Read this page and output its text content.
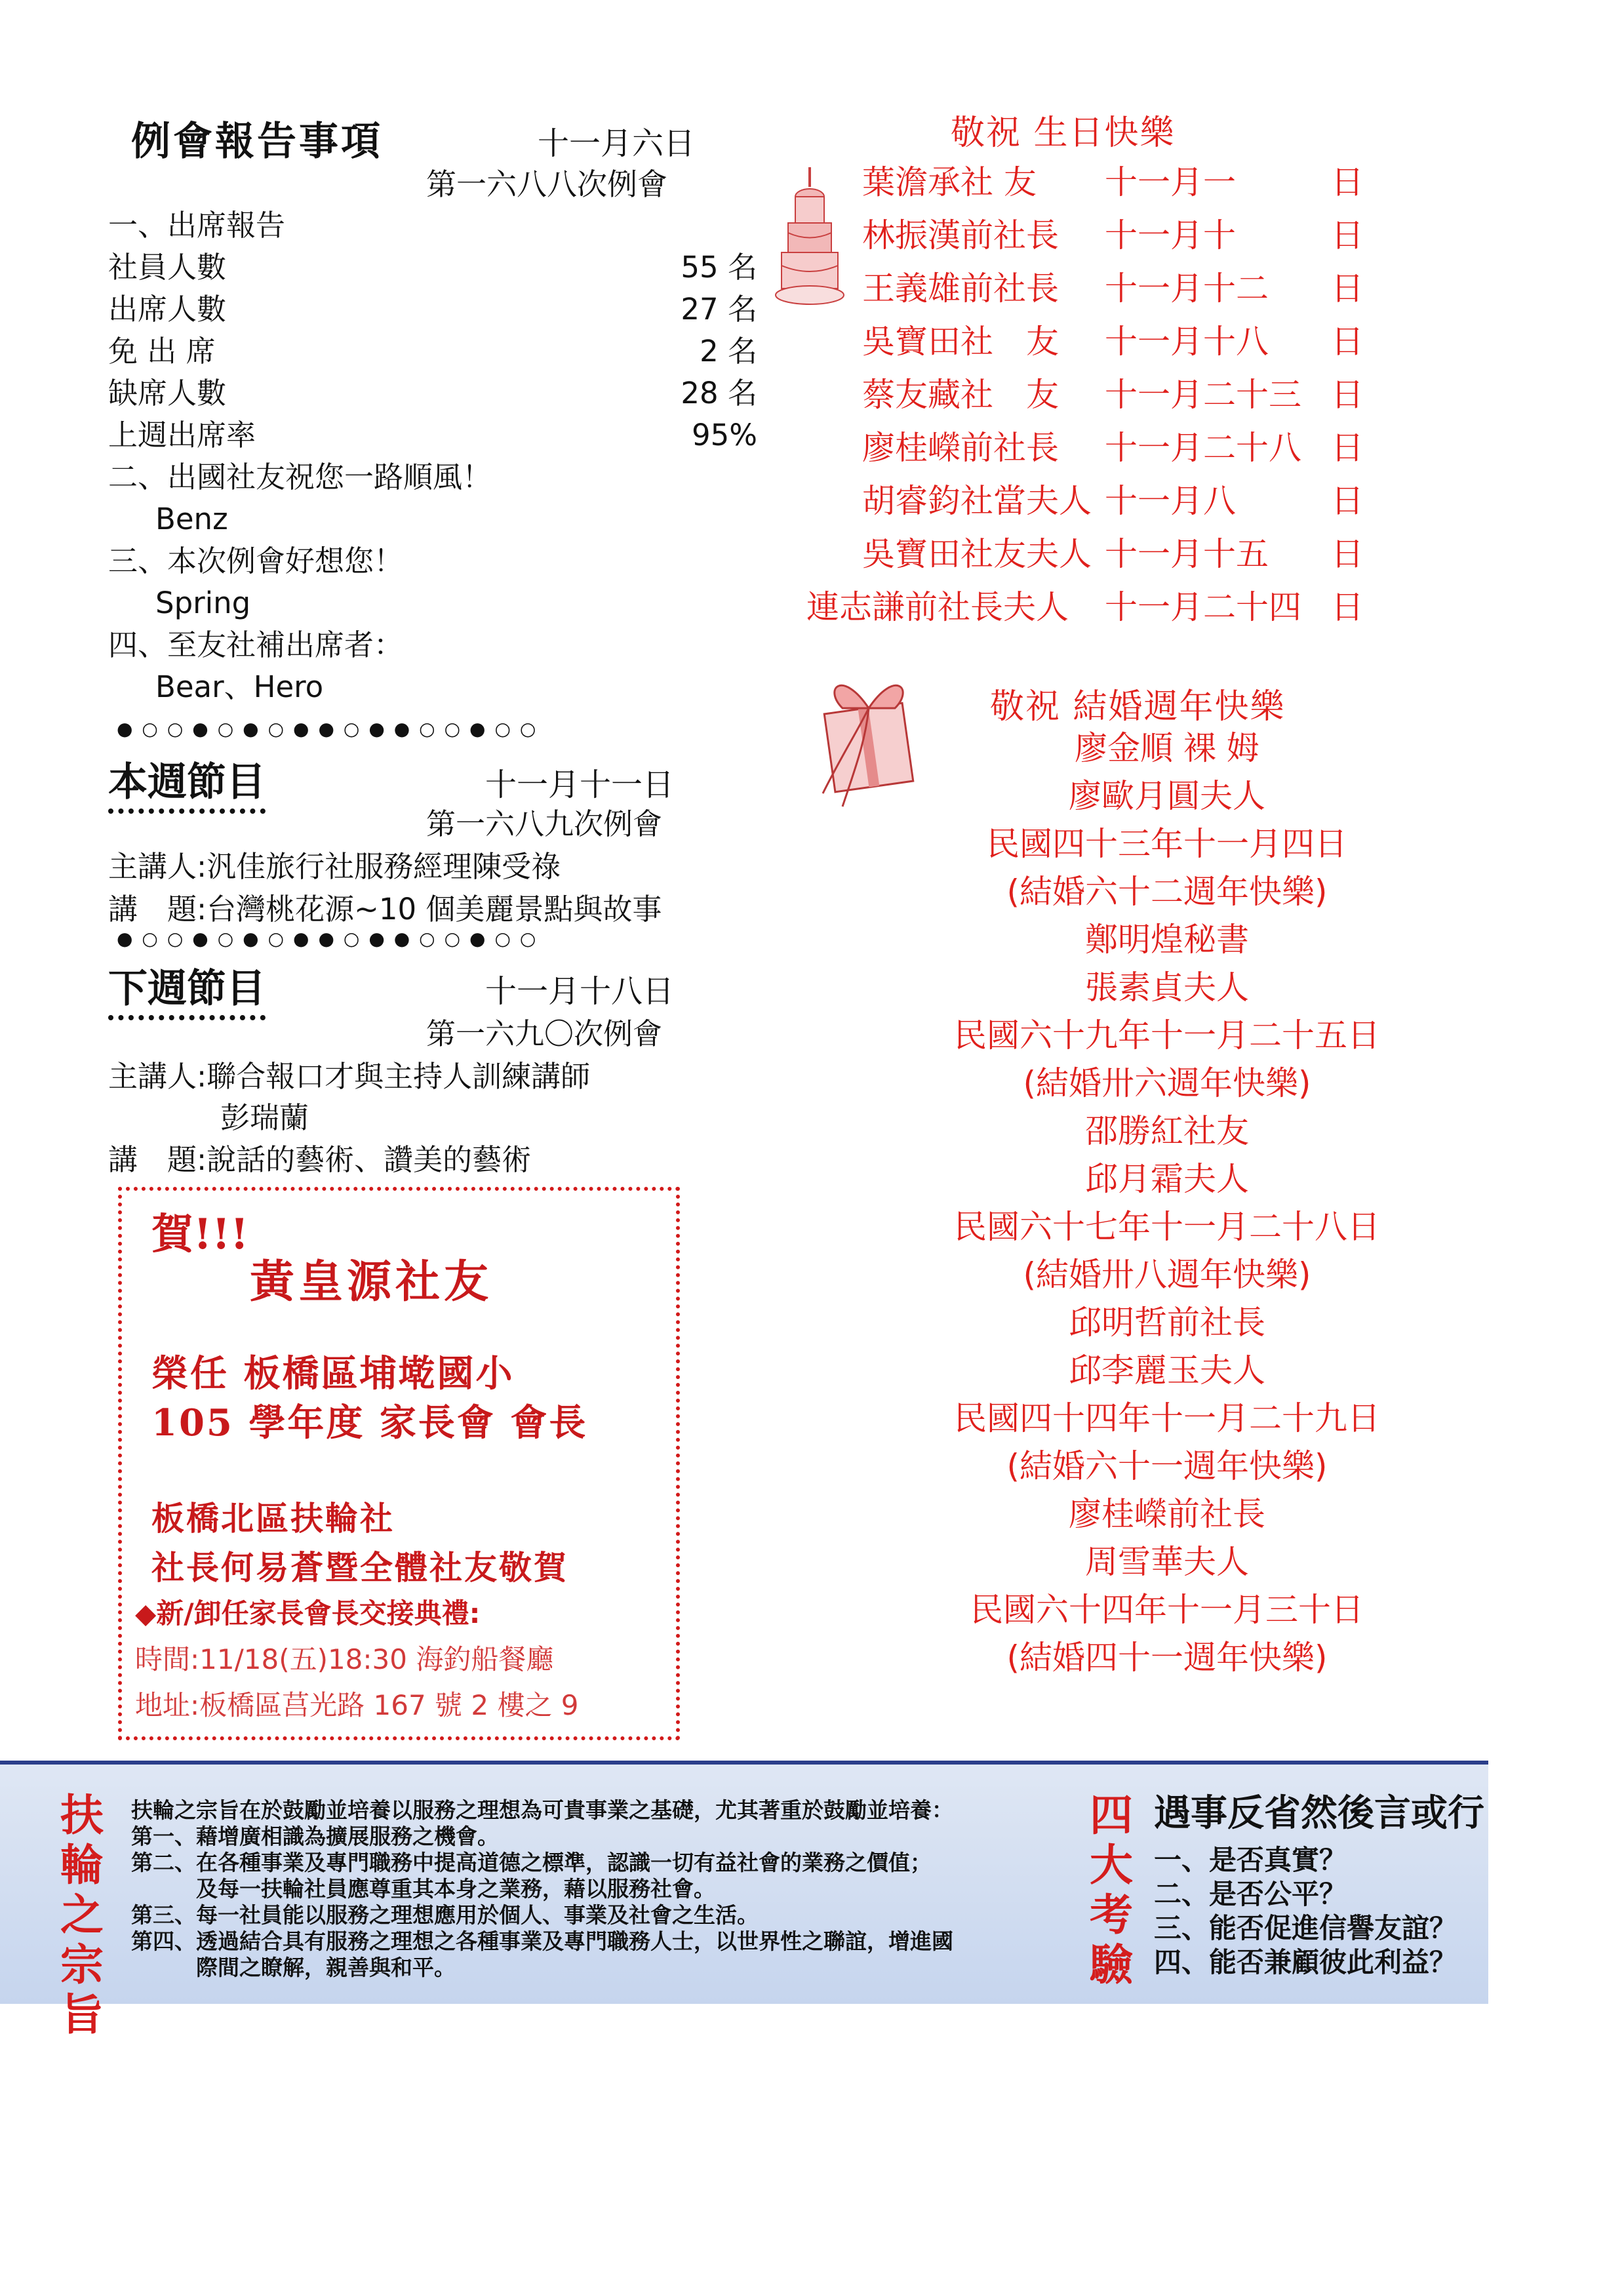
例會報告事項	十一月六日
第一六八八次例會
一、出席報告
社員人數	55 名
出席人數	27 名
免 出 席	2 名
缺席人數	28 名
上週出席率	95%
二、出國社友祝您一路順風！
Benz
三、本次例會好想您！
Spring
四、至友社補出席者：
Bear、Hero
●○○●○●○●●○●●○○●○○
本週節目	十一月十一日
第一六八九次例會
主講人:汎佳旅行社服務經理陳受祿
講　題:台灣桃花源~10 個美麗景點與故事
●○○●○●○●●○●●○○●○○
下週節目	十一月十八日
第一六九〇次例會
主講人:聯合報口才與主持人訓練講師
彭瑞蘭
講　題:說話的藝術、讚美的藝術
賀!!!
黃皇源社友
榮任 板橋區埔墘國小
105 學年度 家長會 會長
板橋北區扶輪社
社長何易蒼暨全體社友敬賀
◆新/卸任家長會長交接典禮:
時間:11/18(五)18:30 海釣船餐廳
地址:板橋區莒光路 167 號 2 樓之 9
敬祝 生日快樂
葉澹承社 友 十一月一	日
林振漢前社長 十一月十	日
王義雄前社長 十一月十二 日
吳寶田社　友 十一月十八 日
蔡友藏社　友 十一月二十三 日
廖桂嶸前社長 十一月二十八 日
胡睿鈞社當夫人 十一月八	日
吳寶田社友夫人 十一月十五 日
連志謙前社長夫人 十一月二十四 日
敬祝 結婚週年快樂
廖金順 裸 姆
廖歐月圓夫人
民國四十三年十一月四日
(結婚六十二週年快樂)
鄭明煌秘書
張素貞夫人
民國六十九年十一月二十五日
(結婚卅六週年快樂)
邵勝紅社友
邱月霜夫人
民國六十七年十一月二十八日
(結婚卅八週年快樂)
邱明哲前社長
邱李麗玉夫人
民國四十四年十一月二十九日
(結婚六十一週年快樂)
廖桂嶸前社長
周雪華夫人
民國六十四年十一月三十日
(結婚四十一週年快樂)
扶
輪
之
宗
旨
扶輪之宗旨在於鼓勵並培養以服務之理想為可貴事業之基礎，尤其著重於鼓勵並培養：
第一、藉增廣相識為擴展服務之機會。
第二、在各種事業及專門職務中提高道德之標準，認識一切有益社會的業務之價值；
　　　及每一扶輪社員應尊重其本身之業務，藉以服務社會。
第三、每一社員能以服務之理想應用於個人、事業及社會之生活。
第四、透過結合具有服務之理想之各種事業及專門職務人士，以世界性之聯誼，增進國
　　　際間之瞭解，親善與和平。
四
大
考
驗
遇事反省然後言或行
一、是否真實？
二、是否公平？
三、能否促進信譽友誼？
四、能否兼顧彼此利益？
